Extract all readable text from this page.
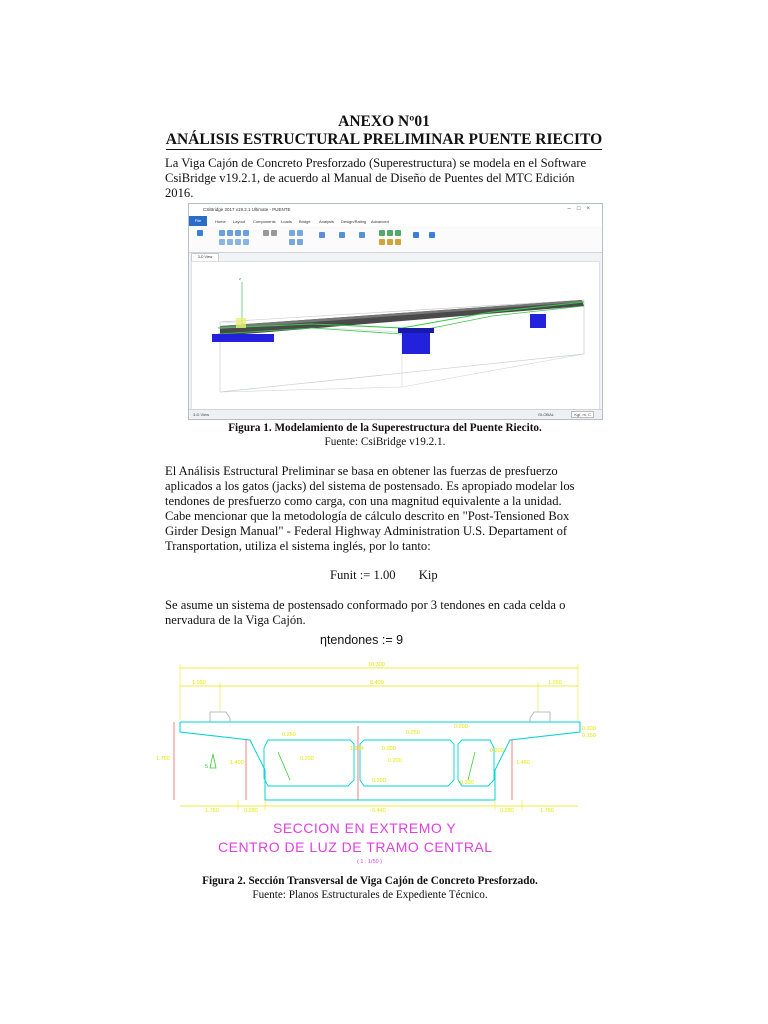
ANEXO Nº01
ANÁLISIS ESTRUCTURAL PRELIMINAR PUENTE RIECITO
La Viga Cajón de Concreto Presforzado (Superestructura) se modela en el Software
CsiBridge v19.2.1, de acuerdo al Manual de Diseño de Puentes del MTC Edición
2016.
CSiBridge 2017 v19.2.1 Ultimate - PUENTE	–□×
File	Home Layout Components Loads Bridge Analysis Design/Rating Advanced
3-D View
z
3-D View	GLOBAL	Kgf, m, C
Figura 1. Modelamiento de la Superestructura del Puente Riecito.
Fuente: CsiBridge v19.2.1.
El Análisis Estructural Preliminar se basa en obtener las fuerzas de presfuerzo
aplicados a los gatos (jacks) del sistema de postensado. Es apropiado modelar los
tendones de presfuerzo como carga, con una magnitud equivalente a la unidad.
Cabe mencionar que la metodología de cálculo descrito en "Post-Tensioned Box
Girder Design Manual" - Federal Highway Administration U.S. Departament of
Transportation, utiliza el sistema inglés, por lo tanto:
Funit := 1.00 Kip
Se asume un sistema de postensado conformado por 3 tendones en cada celda o
nervadura de la Viga Cajón.
ηtendones := 9
10.300
1.050	8.400	1.050
5
1.750
1.400
1.834
1.460
0.200
0.150
0.250
0.300
0.200
0.200
0.200
0.200
0.300
0.250
0.200
1.750	0.280	6.440	0.280	1.750
SECCION EN EXTREMO Y
CENTRO DE LUZ DE TRAMO CENTRAL
( 1 : 1/50 )
Figura 2. Sección Transversal de Viga Cajón de Concreto Presforzado.
Fuente: Planos Estructurales de Expediente Técnico.
